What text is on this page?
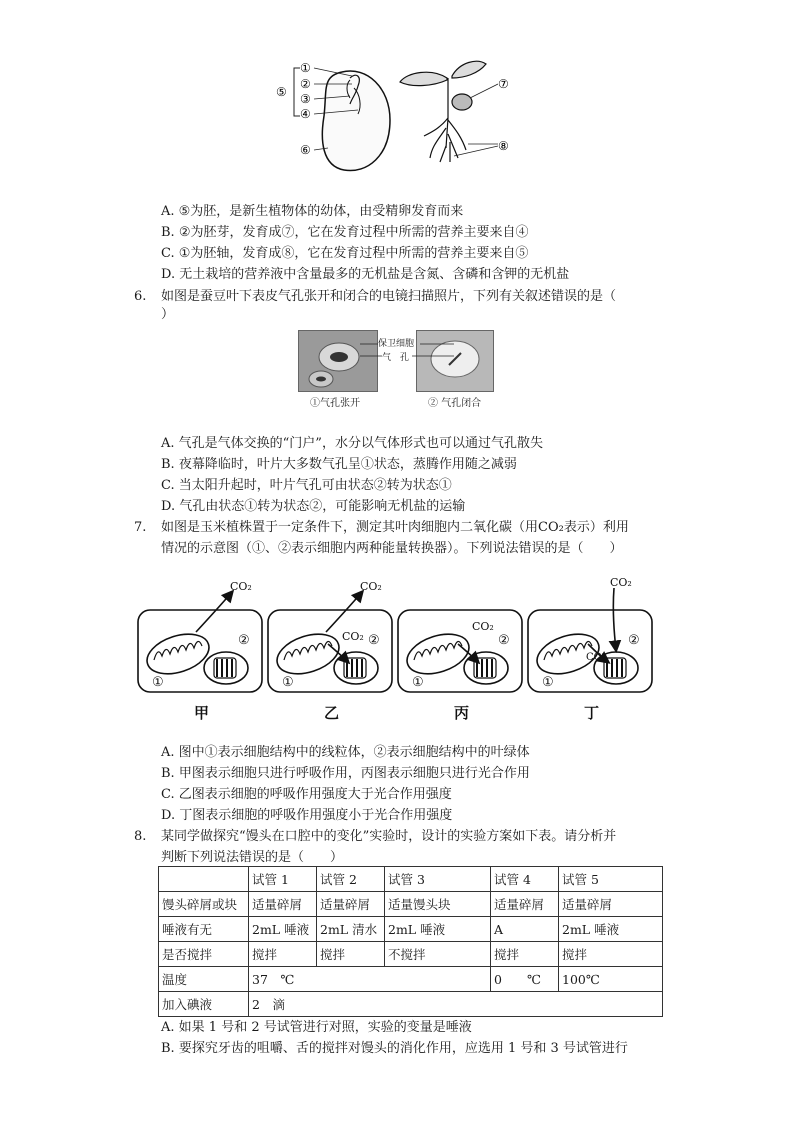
①
②
③
④
⑤
⑥
⑦
⑧
A. ⑤为胚，是新生植物体的幼体，由受精卵发育而来
B. ②为胚芽，发育成⑦，它在发育过程中所需的营养主要来自④
C. ①为胚轴，发育成⑧，它在发育过程中所需的营养主要来自⑤
D. 无土栽培的营养液中含量最多的无机盐是含氮、含磷和含钾的无机盐
6. 如图是蚕豆叶下表皮气孔张开和闭合的电镜扫描照片，下列有关叙述错误的是（
）
保卫细胞
气　孔
①气孔张开	② 气孔闭合
A. 气孔是气体交换的“门户”，水分以气体形式也可以通过气孔散失
B. 夜幕降临时，叶片大多数气孔呈①状态，蒸腾作用随之减弱
C. 当太阳升起时，叶片气孔可由状态②转为状态①
D. 气孔由状态①转为状态②，可能影响无机盐的运输
7. 如图是玉米植株置于一定条件下，测定其叶肉细胞内二氧化碳（用CO₂表示）利用
情况的示意图（①、②表示细胞内两种能量转换器）。下列说法错误的是（　　）
①
②
CO₂
甲
①
②
CO₂
CO₂
乙
①
②
CO₂
丙
①
②
CO₂
CO₂
丁
A. 图中①表示细胞结构中的线粒体，②表示细胞结构中的叶绿体
B. 甲图表示细胞只进行呼吸作用，丙图表示细胞只进行光合作用
C. 乙图表示细胞的呼吸作用强度大于光合作用强度
D. 丁图表示细胞的呼吸作用强度小于光合作用强度
8. 某同学做探究“馒头在口腔中的变化”实验时，设计的实验方案如下表。请分析并
判断下列说法错误的是（　　）
	试管 1	试管 2	试管 3	试管 4	试管 5
馒头碎屑或块	适量碎屑	适量碎屑	适量馒头块	适量碎屑	适量碎屑
唾液有无	2mL 唾液	2mL 清水	2mL 唾液	A	2mL 唾液
是否搅拌	搅拌	搅拌	不搅拌	搅拌	搅拌
温度	37　℃			0　　℃	100℃
加入碘液	2　滴				
A. 如果 1 号和 2 号试管进行对照，实验的变量是唾液
B. 要探究牙齿的咀嚼、舌的搅拌对馒头的消化作用，应选用 1 号和 3 号试管进行
